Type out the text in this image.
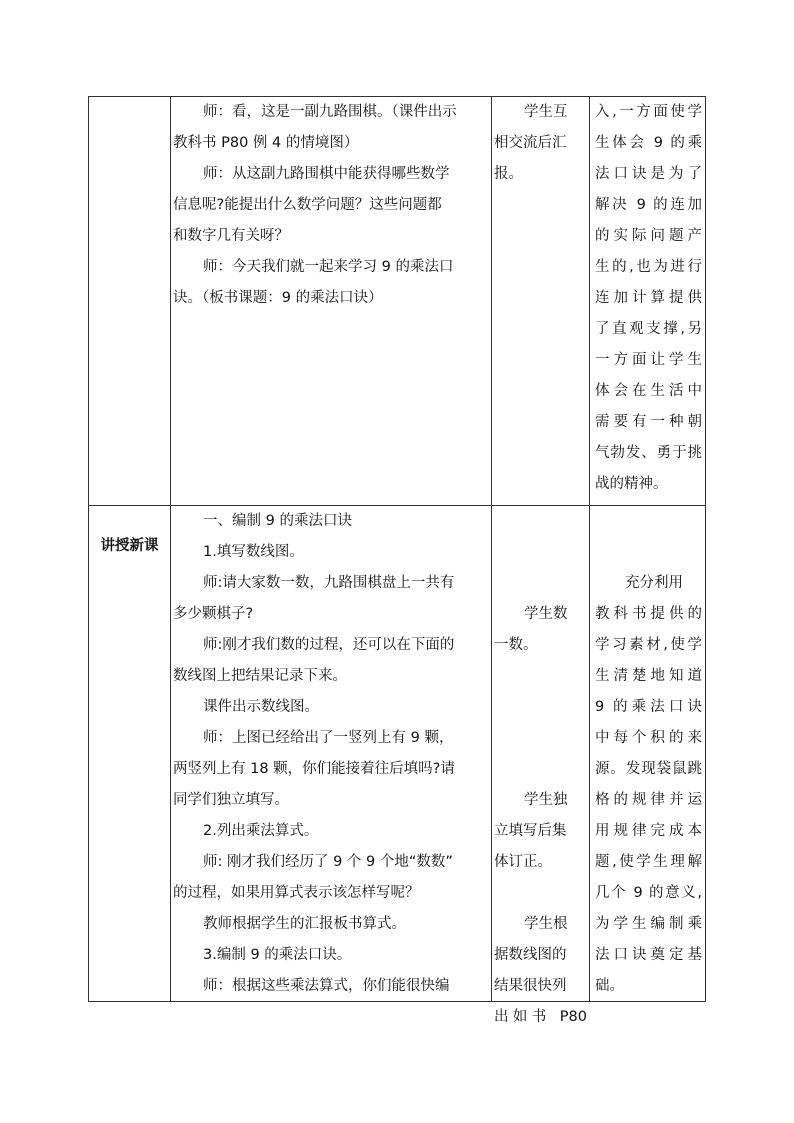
师：看，这是一副九路围棋。（课件出示
教科书 P80 例 4 的情境图）
师：从这副九路围棋中能获得哪些数学
信息呢?能提出什么数学问题？这些问题都
和数字几有关呀？
师：今天我们就一起来学习 9 的乘法口
诀。（板书课题：9 的乘法口诀）
学生互
相交流后汇
报。
入,一方面使学
生体会 9 的乘
法口诀是为了
解决 9 的连加
的实际问题产
生的,也为进行
连加计算提供
了直观支撑,另
一方面让学生
体会在生活中
需要有一种朝
气勃发、勇于挑
战的精神。
讲授新课
一、编制 9 的乘法口诀
1.填写数线图。
师:请大家数一数，九路围棋盘上一共有
多少颗棋子?
师:刚才我们数的过程，还可以在下面的
数线图上把结果记录下来。
课件出示数线图。
师：上图已经给出了一竖列上有 9 颗，
两竖列上有 18 颗，你们能接着往后填吗?请
同学们独立填写。
2.列出乘法算式。
师: 刚才我们经历了 9 个 9 个地“数数”
的过程，如果用算式表示该怎样写呢？
教师根据学生的汇报板书算式。
3.编制 9 的乘法口诀。
师：根据这些乘法算式，你们能很快编
学生数
一数。
学生独
立填写后集
体订正。
学生根
据数线图的
结果很快列
出如书 P80
充分利用
教科书提供的
学习素材,使学
生清楚地知道
9 的乘法口诀
中每个积的来
源。发现袋鼠跳
格的规律并运
用规律完成本
题,使学生理解
几个 9 的意义,
为学生编制乘
法口诀奠定基
础。
